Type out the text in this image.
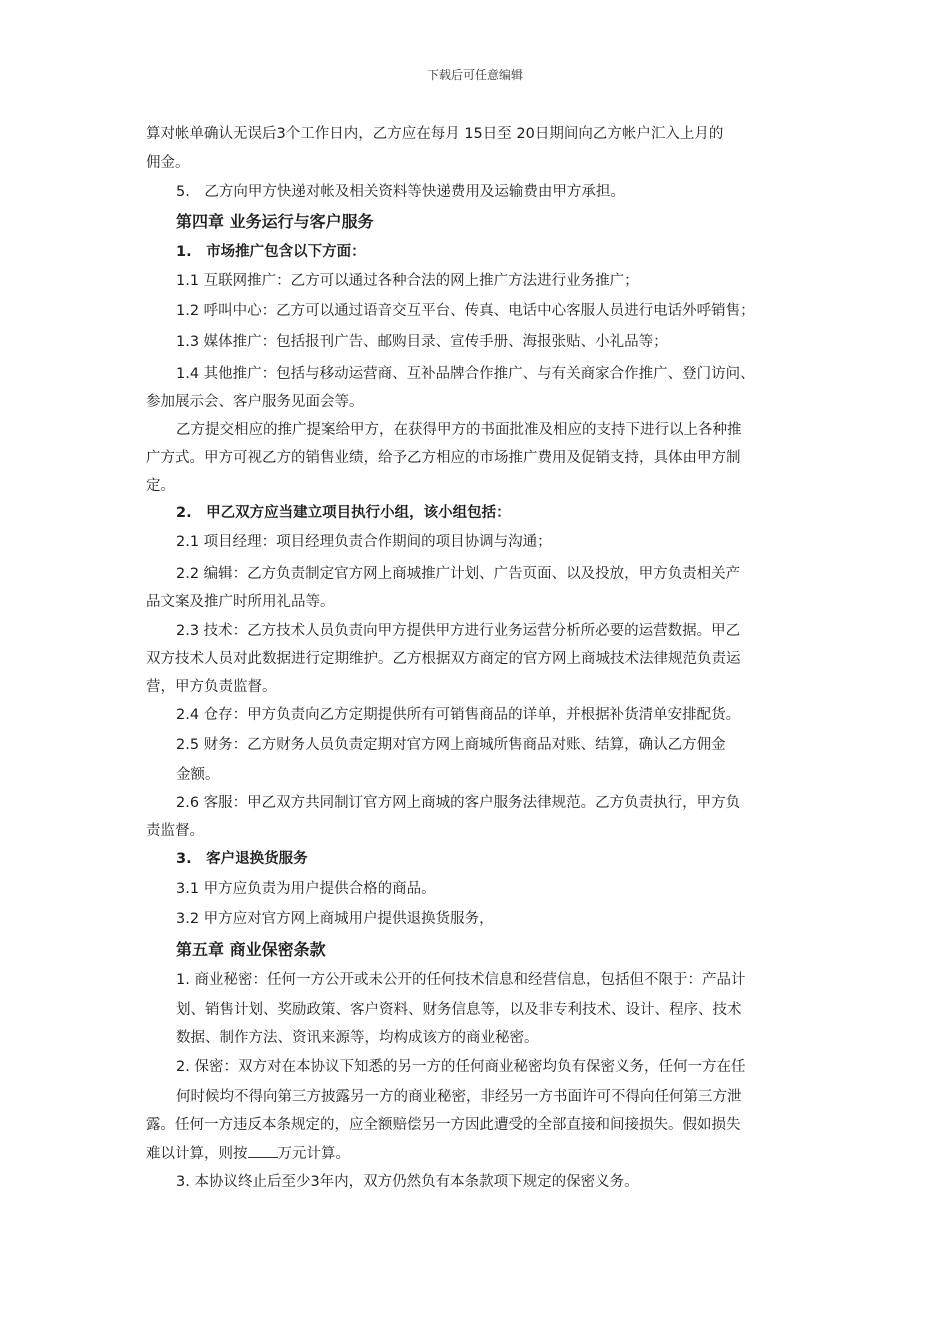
下载后可任意编辑
算对帐单确认无误后3个工作日内，乙方应在每月 15日至 20日期间向乙方帐户汇入上月的
佣金。
5.　乙方向甲方快递对帐及相关资料等快递费用及运输费由甲方承担。
第四章 业务运行与客户服务
1.　市场推广包含以下方面：
1.1 互联网推广：乙方可以通过各种合法的网上推广方法进行业务推广；
1.2 呼叫中心：乙方可以通过语音交互平台、传真、电话中心客服人员进行电话外呼销售；
1.3 媒体推广：包括报刊广告、邮购目录、宣传手册、海报张贴、小礼品等；
1.4 其他推广：包括与移动运营商、互补品牌合作推广、与有关商家合作推广、登门访问、
参加展示会、客户服务见面会等。
乙方提交相应的推广提案给甲方，在获得甲方的书面批准及相应的支持下进行以上各种推
广方式。甲方可视乙方的销售业绩，给予乙方相应的市场推广费用及促销支持，具体由甲方制
定。
2.　甲乙双方应当建立项目执行小组，该小组包括：
2.1 项目经理：项目经理负责合作期间的项目协调与沟通；
2.2 编辑：乙方负责制定官方网上商城推广计划、广告页面、以及投放，甲方负责相关产
品文案及推广时所用礼品等。
2.3 技术：乙方技术人员负责向甲方提供甲方进行业务运营分析所必要的运营数据。甲乙
双方技术人员对此数据进行定期维护。乙方根据双方商定的官方网上商城技术法律规范负责运
营，甲方负责监督。
2.4 仓存：甲方负责向乙方定期提供所有可销售商品的详单，并根据补货清单安排配货。
2.5 财务：乙方财务人员负责定期对官方网上商城所售商品对账、结算，确认乙方佣金
金额。
2.6 客服：甲乙双方共同制订官方网上商城的客户服务法律规范。乙方负责执行，甲方负
责监督。
3.　客户退换货服务
3.1 甲方应负责为用户提供合格的商品。
3.2 甲方应对官方网上商城用户提供退换货服务，
第五章 商业保密条款
1. 商业秘密：任何一方公开或未公开的任何技术信息和经营信息，包括但不限于：产品计
划、销售计划、奖励政策、客户资料、财务信息等，以及非专利技术、设计、程序、技术
数据、制作方法、资讯来源等，均构成该方的商业秘密。
2. 保密：双方对在本协议下知悉的另一方的任何商业秘密均负有保密义务，任何一方在任
何时候均不得向第三方披露另一方的商业秘密，非经另一方书面许可不得向任何第三方泄
露。任何一方违反本条规定的，应全额赔偿另一方因此遭受的全部直接和间接损失。假如损失
3. 本协议终止后至少3年内，双方仍然负有本条款项下规定的保密义务。
难以计算，则按 万元计算。
